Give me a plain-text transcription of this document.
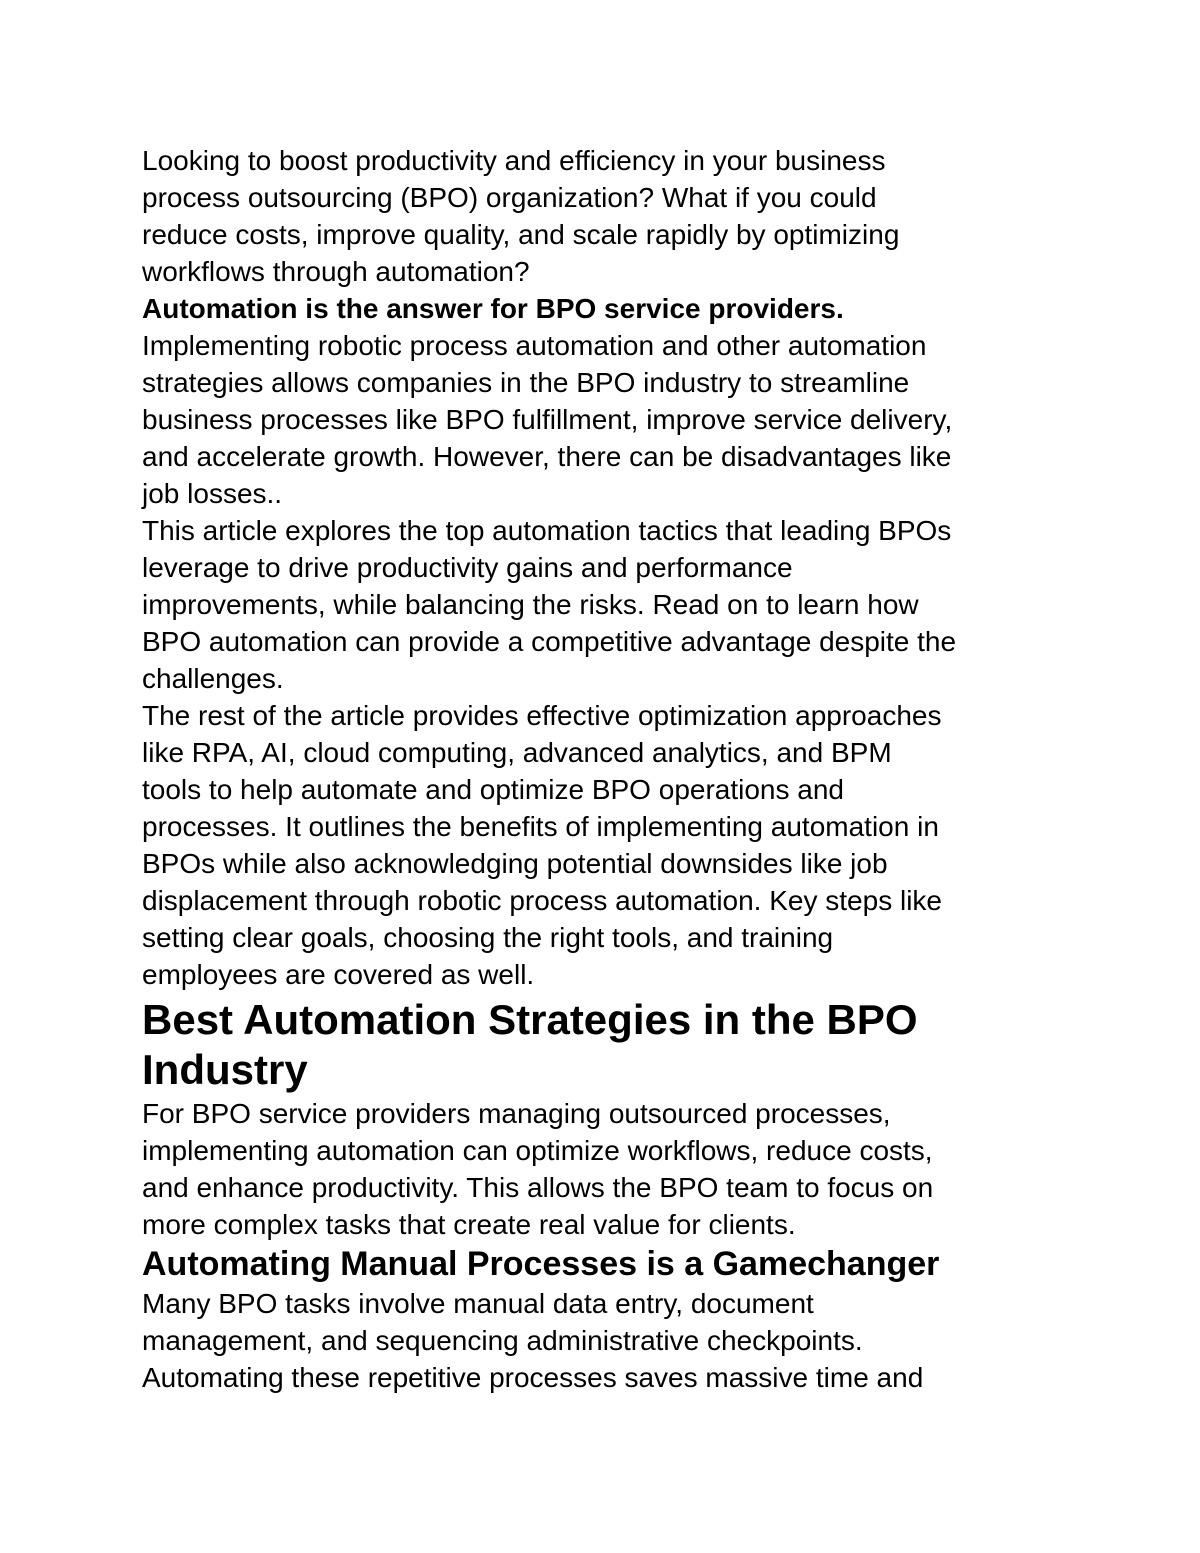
Looking to boost productivity and efficiency in your business
process outsourcing (BPO) organization? What if you could
reduce costs, improve quality, and scale rapidly by optimizing
workflows through automation?

Automation is the answer for BPO service providers.

Implementing robotic process automation and other automation
strategies allows companies in the BPO industry to streamline
business processes like BPO fulfillment, improve service delivery,
and accelerate growth. However, there can be disadvantages like
job losses..

This article explores the top automation tactics that leading BPOs
leverage to drive productivity gains and performance
improvements, while balancing the risks. Read on to learn how
BPO automation can provide a competitive advantage despite the
challenges.

The rest of the article provides effective optimization approaches
like RPA, AI, cloud computing, advanced analytics, and BPM
tools to help automate and optimize BPO operations and
processes. It outlines the benefits of implementing automation in
BPOs while also acknowledging potential downsides like job
displacement through robotic process automation. Key steps like
setting clear goals, choosing the right tools, and training
employees are covered as well.

Best Automation Strategies in the BPO
Industry

For BPO service providers managing outsourced processes,
implementing automation can optimize workflows, reduce costs,
and enhance productivity. This allows the BPO team to focus on
more complex tasks that create real value for clients.

Automating Manual Processes is a Gamechanger

Many BPO tasks involve manual data entry, document
management, and sequencing administrative checkpoints.
Automating these repetitive processes saves massive time and
